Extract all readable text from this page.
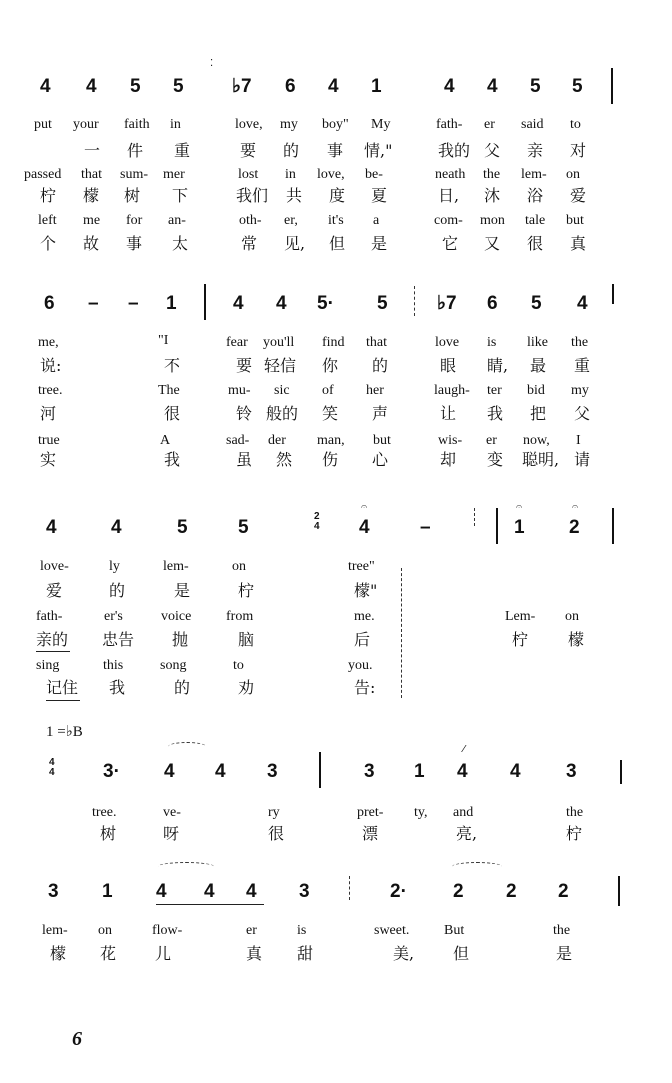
⁚
4 4 5 5	♭7 6 4 1	4 4 5 5
put your faith in	love, my boy" My	fath- er said to
一 件 重	要 的 事 情,"	我的 父 亲 对
passed that sum- mer	lost in love, be-	neath the lem- on
柠 檬 树 下	我们 共 度 夏	日, 沐 浴 爱
left me for an-	oth- er, it's a	com- mon tale but
个 故 事 太	常 见, 但 是	它 又 很 真
6 – – 1	4 4 5· 5	♭7 6 5 4
me,	"I	fear you'll find that	love is like the
说:	不	要 轻信 你 的	眼 睛, 最 重
tree.	The	mu- sic of her	laugh- ter bid my
河	很	铃 般的 笑 声	让 我 把 父
true	A	sad- der man, but	wis- er now, I
实	我	虽 然 伤 心	却 变 聪明, 请
4	4	5	5
2
4
𝄐
4	–
𝄐
1
𝄐
2
love-	ly	lem-	on	tree"
爱	的	是	柠	檬"
fath-	er's	voice from	me.	Lem- on
亲的 忠告 抛	脑	后	柠 檬
sing	this	song	to	you.
记住 我	的	劝	告:
1 =♭B
4
4	3· 4 4 3	3 1
⁄
4 4 3
tree.	ve-	ry	pret- ty, and	the
树	呀	很	漂	亮,	柠
3 1 4 4 4 3	2· 2 2 2
lem- on	flow-	er	is	sweet. But	the
檬 花 儿	真 甜	美, 但	是
6
